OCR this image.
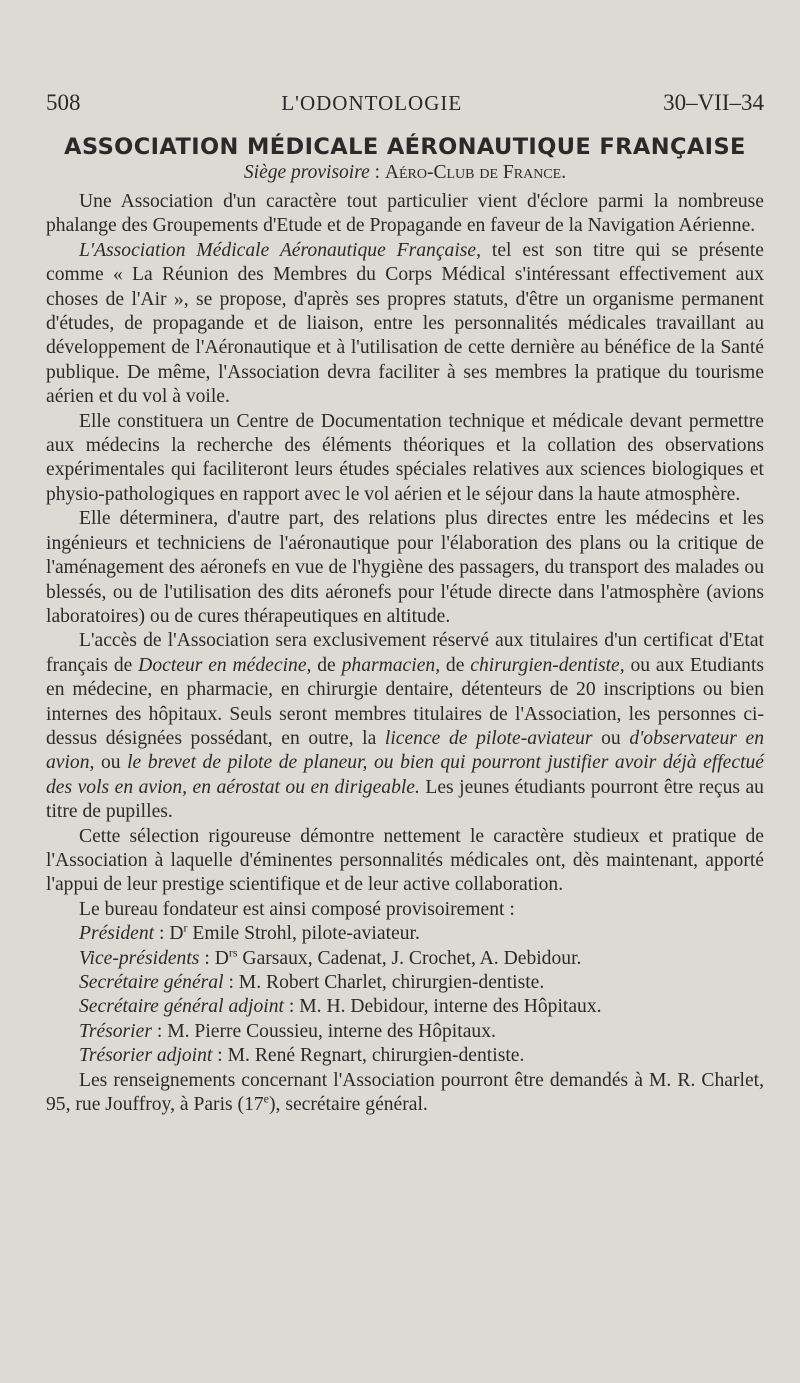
508	L'ODONTOLOGIE	30–VII–34
ASSOCIATION MÉDICALE AÉRONAUTIQUE FRANÇAISE
Siège provisoire : Aéro-Club de France.

Une Association d'un caractère tout particulier vient d'éclore parmi la nombreuse phalange des Groupements d'Etude et de Propagande en faveur de la Navigation Aérienne.

L'Association Médicale Aéronautique Française, tel est son titre qui se présente comme « La Réunion des Membres du Corps Médical s'intéressant effectivement aux choses de l'Air », se propose, d'après ses propres statuts, d'être un organisme permanent d'études, de propagande et de liaison, entre les personnalités médicales travaillant au développement de l'Aéronautique et à l'utilisation de cette dernière au bénéfice de la Santé publique. De même, l'Association devra faciliter à ses membres la pratique du tourisme aérien et du vol à voile.

Elle constituera un Centre de Documentation technique et médicale devant permettre aux médecins la recherche des éléments théoriques et la collation des observations expérimentales qui faciliteront leurs études spéciales relatives aux sciences biologiques et physio-pathologiques en rapport avec le vol aérien et le séjour dans la haute atmosphère.

Elle déterminera, d'autre part, des relations plus directes entre les médecins et les ingénieurs et techniciens de l'aéronautique pour l'élaboration des plans ou la critique de l'aménagement des aéronefs en vue de l'hygiène des passagers, du transport des malades ou blessés, ou de l'utilisation des dits aéronefs pour l'étude directe dans l'atmosphère (avions laboratoires) ou de cures thérapeutiques en altitude.

L'accès de l'Association sera exclusivement réservé aux titulaires d'un certificat d'Etat français de Docteur en médecine, de pharmacien, de chirurgien-dentiste, ou aux Etudiants en médecine, en pharmacie, en chirurgie dentaire, détenteurs de 20 inscriptions ou bien internes des hôpitaux. Seuls seront membres titulaires de l'Association, les personnes ci-dessus désignées possédant, en outre, la licence de pilote-aviateur ou d'observateur en avion, ou le brevet de pilote de planeur, ou bien qui pourront justifier avoir déjà effectué des vols en avion, en aérostat ou en dirigeable. Les jeunes étudiants pourront être reçus au titre de pupilles.

Cette sélection rigoureuse démontre nettement le caractère studieux et pratique de l'Association à laquelle d'éminentes personnalités médicales ont, dès maintenant, apporté l'appui de leur prestige scientifique et de leur active collaboration.

Le bureau fondateur est ainsi composé provisoirement :

Président : $D^r$ Emile Strohl, pilote-aviateur.
Vice-présidents : $D^{rs}$ Garsaux, Cadenat, J. Crochet, A. Debidour.
Secrétaire général : M. Robert Charlet, chirurgien-dentiste.
Secrétaire général adjoint : M. H. Debidour, interne des Hôpitaux.
Trésorier : M. Pierre Coussieu, interne des Hôpitaux.
Trésorier adjoint : M. René Regnart, chirurgien-dentiste.

Les renseignements concernant l'Association pourront être demandés à M. R. Charlet, 95, rue Jouffroy, à Paris (17e), secrétaire général.
